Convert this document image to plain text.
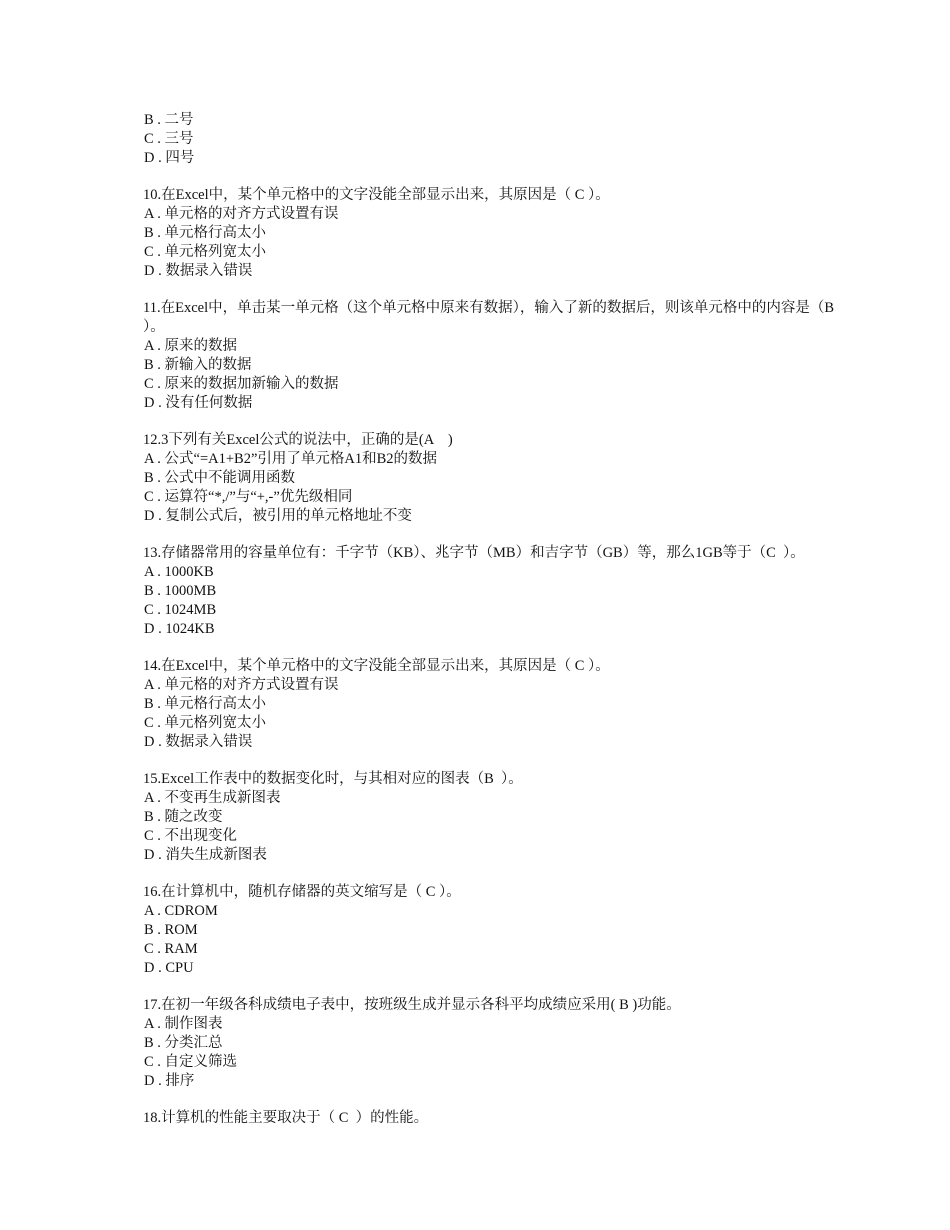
B . 二号
C . 三号
D . 四号
10.在Excel中，某个单元格中的文字没能全部显示出来，其原因是（ C ）。
A . 单元格的对齐方式设置有误
B . 单元格行高太小
C . 单元格列宽太小
D . 数据录入错误
11.在Excel中，单击某一单元格（这个单元格中原来有数据），输入了新的数据后，则该单元格中的内容是（B   ）。
A . 原来的数据
B . 新输入的数据
C . 原来的数据加新输入的数据
D . 没有任何数据
12.3下列有关Excel公式的说法中，正确的是(A    )
A . 公式“=A1+B2”引用了单元格A1和B2的数据
B . 公式中不能调用函数
C . 运算符“*,/”与“+,-”优先级相同
D . 复制公式后，被引用的单元格地址不变
13.存储器常用的容量单位有：千字节（KB）、兆字节（MB）和吉字节（GB）等，那么1GB等于（C  ）。
A . 1000KB
B . 1000MB
C . 1024MB
D . 1024KB
14.在Excel中，某个单元格中的文字没能全部显示出来，其原因是（ C ）。
A . 单元格的对齐方式设置有误
B . 单元格行高太小
C . 单元格列宽太小
D . 数据录入错误
15.Excel工作表中的数据变化时，与其相对应的图表（B  ）。
A . 不变再生成新图表
B . 随之改变
C . 不出现变化
D . 消失生成新图表
16.在计算机中，随机存储器的英文缩写是（ C ）。
A . CDROM
B . ROM
C . RAM
D . CPU
17.在初一年级各科成绩电子表中，按班级生成并显示各科平均成绩应采用( B )功能。
A . 制作图表
B . 分类汇总
C . 自定义筛选
D . 排序
18.计算机的性能主要取决于（ C  ）的性能。
